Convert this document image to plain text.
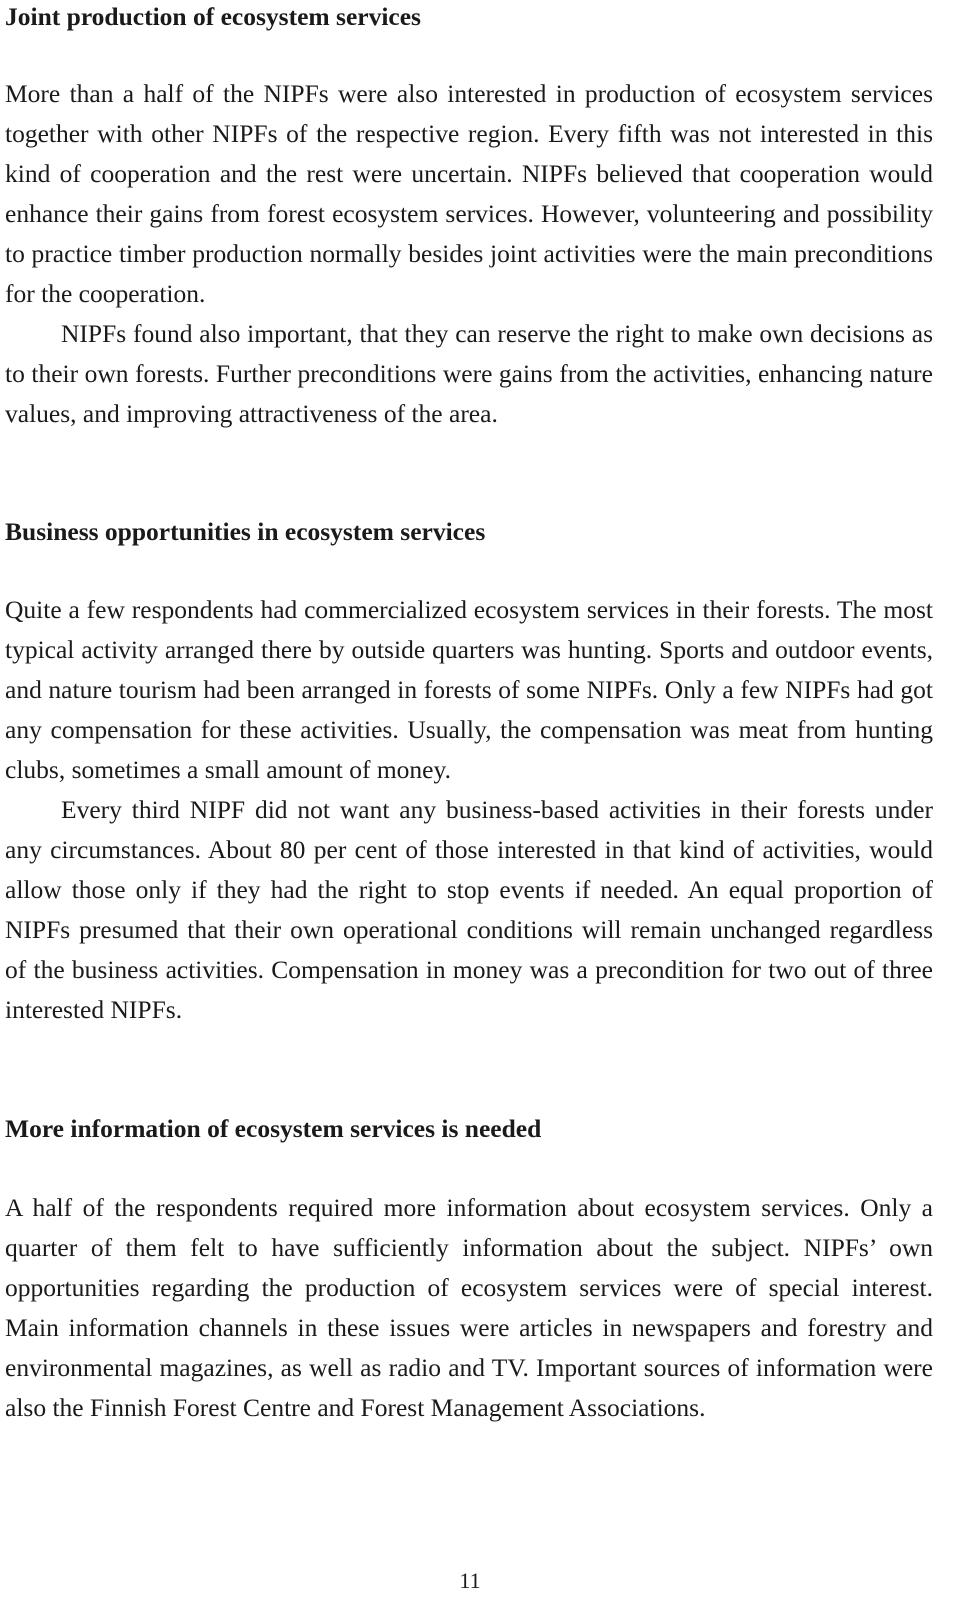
Joint production of ecosystem services

More than a half of the NIPFs were also interested in production of ecosystem services together with other NIPFs of the respective region. Every fifth was not interested in this kind of cooperation and the rest were uncertain. NIPFs believed that cooperation would enhance their gains from forest ecosystem services. However, volunteering and possibility to practice timber production normally besides joint activities were the main preconditions for the cooperation.

NIPFs found also important, that they can reserve the right to make own decisions as to their own forests. Further preconditions were gains from the activities, enhancing nature values, and improving attractiveness of the area.

Business opportunities in ecosystem services

Quite a few respondents had commercialized ecosystem services in their forests. The most typical activity arranged there by outside quarters was hunting. Sports and outdoor events, and nature tourism had been arranged in forests of some NIPFs. Only a few NIPFs had got any compensation for these activities. Usually, the compensation was meat from hunting clubs, sometimes a small amount of money.

Every third NIPF did not want any business-based activities in their forests under any circumstances. About 80 per cent of those interested in that kind of activities, would allow those only if they had the right to stop events if needed. An equal proportion of NIPFs presumed that their own operational conditions will remain unchanged regardless of the business activities. Compensation in money was a precondition for two out of three interested NIPFs.

More information of ecosystem services is needed

A half of the respondents required more information about ecosystem services. Only a quarter of them felt to have sufficiently information about the subject. NIPFs’ own opportunities regarding the production of ecosystem services were of special interest. Main information channels in these issues were articles in newspapers and forestry and environmental magazines, as well as radio and TV. Important sources of information were also the Finnish Forest Centre and Forest Management Associations.

11
